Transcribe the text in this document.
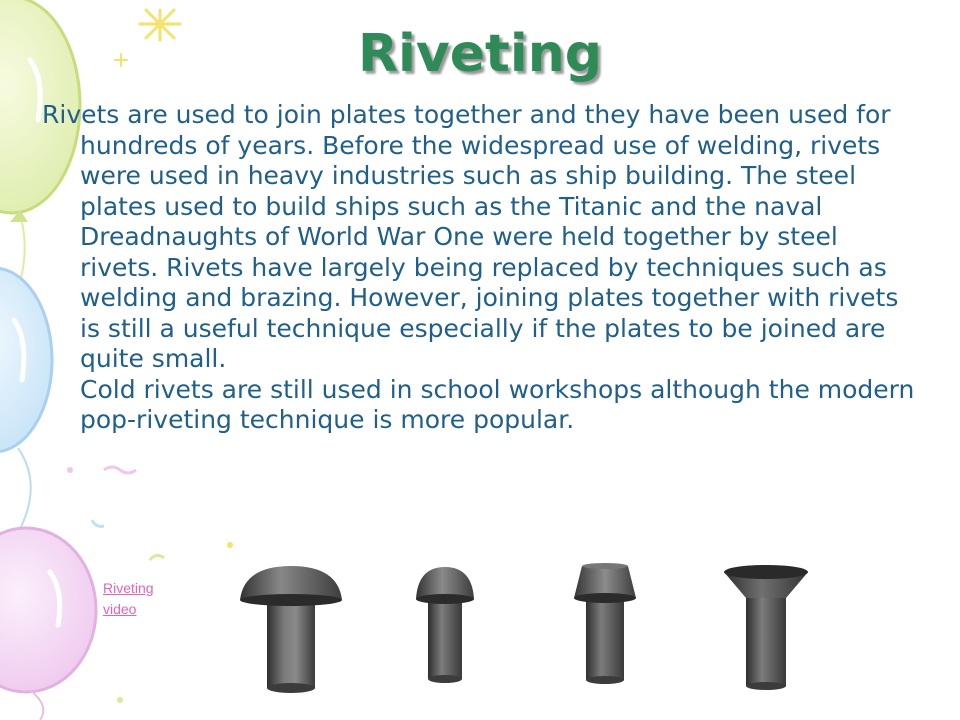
Riveting

Rivets are used to join plates together and they have been used for hundreds of years. Before the widespread use of welding, rivets were used in heavy industries such as ship building. The steel plates used to build ships such as the Titanic and the naval Dreadnaughts of World War One were held together by steel rivets. Rivets have largely being replaced by techniques such as welding and brazing. However, joining plates together with rivets is still a useful technique especially if the plates to be joined are quite small.

Cold rivets are still used in school workshops although the modern pop-riveting technique is more popular.

Riveting video
